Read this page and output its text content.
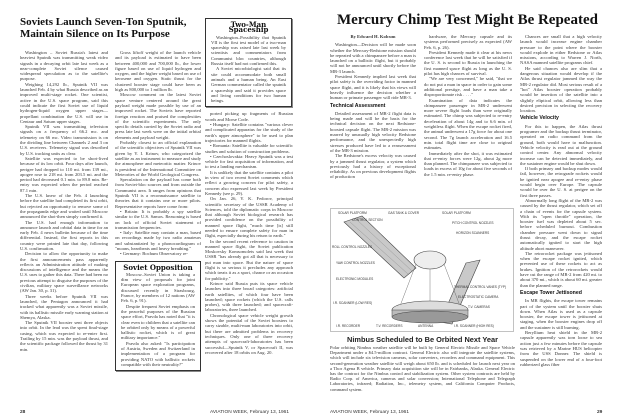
Soviets Launch Seven-Ton Sputnik, Maintain Silence on Its Purpose

Washington – Soviet Russia's latest and heaviest Sputnik was transmitting weak video signals in a decaying orbit late last week as a near-complete Soviet silence caused widespread speculation as to the satellite's purpose.

Weighing 14,292 lb., Sputnik VII was launched Feb. 4 by what Russia described as an improved multi-stage rocket. One scientist, active in the U.S. space program, said this could indicate the first Soviet use of liquid hydrogen-liquid oxygen upper stages—propellant combination the U.S. will use in Centaur and Saturn upper stages.

Sputnik VII was transmitting television signals on a frequency of 66.2 mc. and telemetry on 66 mc. Video transmission is on the dividing line between Channels 2 and 3 on U.S. receivers. Telemetry signal was described by U.S. tracking units as clear.

Satellite was expected to be short-lived because of its low orbit. Four days after launch, perigee had dropped to 110 mi. from 139 mi., apogee rose to 218 mi. from 203.5 mi. and the period had decreased 0.1 min. to 89.8 min. Re-entry was expected when the period reached 87.1 min.

The U.S. knew of the Feb. 4 launching before the satellite had completed its first orbit, but rejected an opportunity to remove some of the propaganda edge and waited until Moscow announced the shot-then simply confirmed it.

The U.S. had enough information to announce launch and orbital data in time for an early Feb. 4 news bulletin because of the time differential. Instead, the first reports in this country were printed late that day, following U.S. confirmation.

Decision to allow the opportunity to make the first announcements pass apparently reflects an Administration attitude of making discussions of intelligence and the means the U.S. uses to gather this data. There had been no previous attempt to disguise the purposes of the civilian, military space surveillance networks (AW Jan. 30, p. 31).

Three weeks before Sputnik VII was launched, the Pentagon announced it had tracked what apparently was a Soviet missile, with its ballistic missile early warning station at Shemya, Alaska.

The Sputnik VII booster sent three objects into orbit. In the lead was the spent final-stage casing, which was expected to re-enter first. Trailing by 15 min. was the payload thrust, and the scientific package followed the thrust by 31 min.

Gross liftoff weight of the launch vehicle and its payload is estimated to have been between 400,000 and 700,000 lb., the lower figure based on use of liquid hydrogen and oxygen, and the higher weight based on use of kerosene and oxygen. Static thrust for the clustered booster stage could have been as high as 800,000 to 1 million lb.

Moscow comment on the latest Soviet space venture centered around the great payload weight made possible by use of an improved rocket. The Soviets have reported foreign reaction and praised the complexities of the scientific experiments. The only specific details carried by the Soviet radio and press late last week were on the initial orbital elements and payload weight.

Probably closest to an official explanation of the scientific objectives of Sputnik VII was given by Y. I. Krinov, who categorized the satellite as an instrument to measure and study the atmosphere and meteoritic matter. Krinov is president of the International Committee on Meteorites of the World Geological Congress.

Speculation on the payload has come both from Soviet-bloc sources and from outside the Communist area. It ranges from opinions that Sputnik VII is a reconnaissance satellite to theories that it contains one or more pilots. Representative reports have come from:

• Britain: It is probably a spy satellite similar to the U.S. Samos. Reasoning is based on lack of official Soviet statement of transmission frequencies.

• Italy: Satellite may contain a man, based on recordings made by two radio amateurs and substantiated by a phonocardiogram of "moans, heartbeats and heavy breathing."

• Germany: Bochum Observatory re-

Soviet Opposition

Moscow–Soviet Union is taking a dim view of proposals for joint European space exploration programs, discussed recently in Strasbourg, France, by members of 12 nations (AW Feb. 6, p. 91).

Despite frequent Soviet emphasis on the peaceful purposes of the Russian space effort, Pravda has noted that "it is clear even to children that a satellite can be orbited only by means of a powerful ballistic rocket, which is of great military importance."

Pravda also asked: "Is participation of Austria, Sweden and Switzerland in implementation of a program for providing NATO with ballistic rockets compatible with their neutrality?"

Two-Man Spaceship

Washington–Possibility that Sputnik VII is the first test model of a two-man spaceship was raised late last week by scientists and commentators from Communist bloc countries, although Russia itself had not confirmed this.

A Soviet microbiologist said that its site could accommodate both small animals and a human being. An East German commentator called the sputnik a spaceship and said it provides space and living conditions for two human beings.

ported picking up fragments of Russian words and Morse Code.

• Hungary: Satellite contains "various clever and complicated apparatus for the study of the earth's upper atmosphere" to be used to plan trajectories for manned flights.

• Romania: Satellite is valuable for scientific studies and solution of construction problems.

• Czechoslovakia: Heavy Sputnik was a test vehicle for fast acquisition of information, and to test a landing mechanism.

It is unlikely that the satellite contains a pilot in view of two recent Soviet comments which reflect a growing concern for pilot safety, a concern also expressed last week by President Kennedy (see p. 29).

On Jan. 26, Y. K. Fedorov, principal scientific secretary of the USSR Academy of Sciences, told the diplomatic corps in Moscow that although Soviet biological research has provided confidence on the possibility of manned space flight, "much time [is] still needed to ensure complete safety for man in flight, especially during his return to earth."

In the second recent reference to caution in manned space flight, the Soviet publication Moskovsky Komsomolets said last week that USSR "has already got all that is necessary to put man into space. But the nature of space flight is so serious it precludes any approach which treats it as a sport, chance or an occasion for publicity."

Krinov said Russia puts its space vehicle launches into three broad categories: artificial earth satellites, of which four have been launched; space rockets (which the U.S. calls probes), with three launched; and spacecraft-laboratories, three launched.

Chronological space vehicle weight growth shows the potential of the Soviet boosters to carry sizable, multi-man laboratories into orbit, but there are admitted problems in recovery techniques. Only one of three recovery attempts of spacecraft-laboratories has been successful—Sputnik V, or Spacecraft II, was recovered after 18 orbits on Aug. 20.

28	AVIATION WEEK, February 13, 1961
Mercury Chimp Test Might Be Repeated
By Edward H. Kolcum

Washington—Decision will be made soon whether the Mercury-Redstone mission should be repeated with a chimpanzee before a man is launched on a ballistic flight, but it probably will not be announced until shortly before the MR-3 launch.

President Kennedy implied last week that pilot safety is the overriding factor in manned space flight, and it is likely that his views will heavily influence the decision whether a human or primate passenger will ride MR-3.

Technical Assessment

Detailed assessment of MR-2 flight data is being made and will be the basis for the technical decision on the next Redstone-boosted capsule flight. The MR-2 mission was marred by unusually high velocity Redstone performance, and the unexpectedly high stresses produced have led to a reassessment of the MR-3 mission.

The Redstone's excess velocity was caused by a jammed thrust regulator, a system which previously had a history of exceptional reliability. As on previous development flights of production

hardware, the Mercury capsule and its systems performed precisely as expected (AW Feb. 6, p. 26).

President Kennedy made it clear at his news conference last week that he will be satisfied if the U. S. is second to Russia in launching the first manned space flight as long as the U. S. pilot has high chances of survival.

"We are very concerned," he said, "that we do not put a man in space in order to gain some additional prestige, and have a man take a disproportionate risk . . . ."

Examination of data indicates the chimpanzee passenger in MR-2 underwent more severe flight loads than were originally estimated. The chimp was subjected to re-entry deceleration of about 14g and to 6.6 min. of weightless flight. When the escape rocket fired, the animal underwent a 17g force for about one second. The 7g launch acceleration and 16.5 min. total flight time are close to original estimates.

Immediately after the shot, it was estimated that re-entry forces were 12g, about 2g more than planned. The chimpanzee was subjected to loads in excess of 10g for about five seconds of the 1.5 min. re-entry phase.

Chances are small that a high velocity launch would increase engine chamber pressure to the point where the booster would explode in either Redstone or Atlas missions, according to Warren J. North, NASA manned satellite programs chief.

He said chances also are slim that a dangerous situation would develop if the Atlas thrust regulator jammed the way the MR-2 regulator did. Most serious result of a "hot" Atlas booster operation probably would be insertion of the satellite into a slightly eliptical orbit, allowing less than desired precision in selecting the recovery location.

Vehicle Velocity

For this to happen, the Atlas thrust programer and the backup thrust terminator, operated on radio command from the ground, both would have to malfunction. Vehicle velocity is read out at the ground control center. Any abnormal velocity increase can be detected immediately, and the sustainer engine would be shut down.

If both primary and backup modes would fail, however, the retrograde rockets would be ignited near apogee and re-entry phase would begin over Europe. The capsule would be over the U. S. at perigee on the first three passes.

Abnormally long flight of the MR-2 was caused by the thrust regulator, which set off a chain of events for the capsule system. With its "open throttle" operation, the booster fuel was depleted about 5 sec. before scheduled burnout. Combustion chamber pressure went down to signal thrust decay, and the escape rocket automatically ignited to start the high altitude abort maneuver.

The retrorocket package was jettisoned when the escape rocket ignited, which prevented use of these rockets to act as brakes. Ignition of the retrorockets would have cut the range of MR-2 from 420 mi. to about 370 mi., which is about 60 mi. greater than the planned range.

Escape Tower Jettisoned

In MR flights, the escape tower remains part of the system until the booster shuts down. When Atlas is used as a capsule booster, the escape tower is jettisoned at staging, when the booster engines drop off and the sustainer is still burning.

Beryllium heat shield in the MR-2 capsule apparently was torn loose to sea action just a few minutes before the capsule was retrieved by a Marine HUS helicopter from the USS Donner. The shield is suspended on the lower end of a four-foot rubberized glass fiber

SOLAR PLATFORM	GAS TANK & COVER	SOLAR PLATFORM
CONTROL SECTION
PITCH CONTROL NOZZLES
HORIZON SCANNERS
ROLL CONTROL NOZZLES
YAW CONTROL NOZZLES
ELECTRONIC MODULES
THERMAL CONTROL VANES (TYP)
ELECTROSTATIC CAMERA
I.R. SCANNER (LOW RES)
T.V. CAMERAS
I.R. RECORDER	T.V. RECORDERS	ANTENNA	I.R. SCANNER (HIGH RES)
Nimbus Scheduled to Be Orbited Next Year
Polar orbiting Nimbus weather satellite will be built by General Electric Missile and Space Vehicle Department under a $4.5-million contract. General Electric also will integrate the satellite systems, which will include six television cameras, solar converters, recorders and command equipment. This second-generation weather satellite will weigh about 650 lb. and is scheduled for launch next year on a Thor Agena B vehicle. Primary data acquisition site will be in Fairbanks, Alaska. General Electric has the contract for the Nimbus control and stabilization system. Other system contracts are held by Radio Corp. of America, cameras and solar conversion; International Telephone and Telegraph Laboratories, infrared; Radiation, Inc., telemetry system, and California Computer Products, command system.
AVIATION WEEK, February 13, 1961	29
